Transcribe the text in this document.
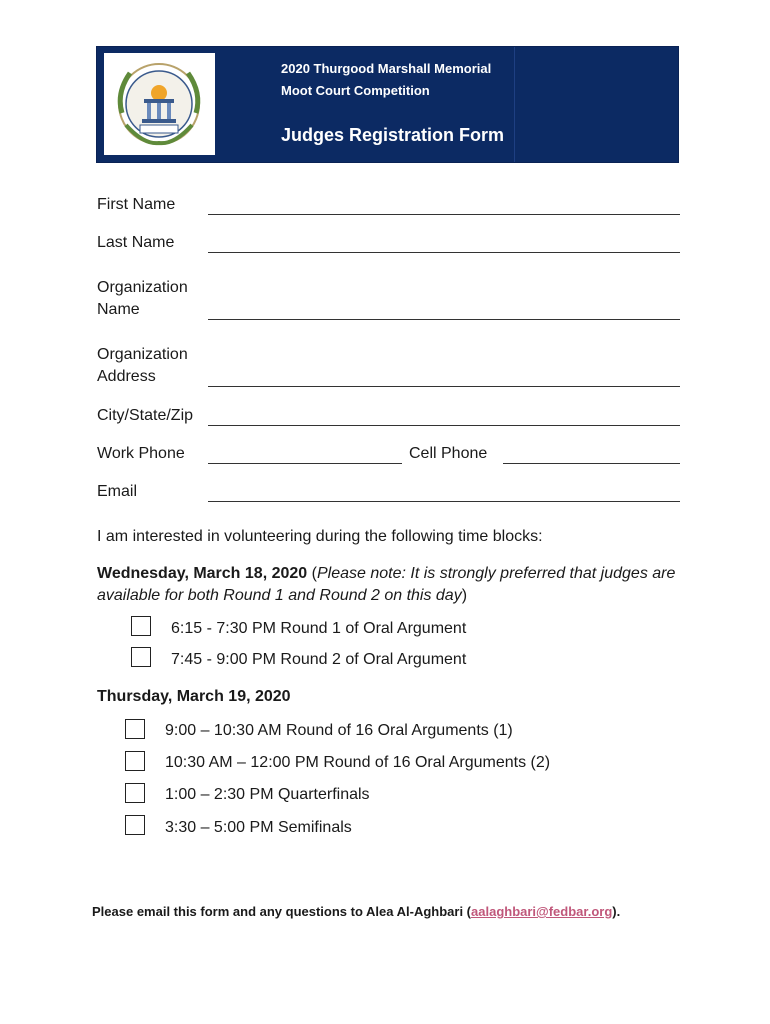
2020 Thurgood Marshall Memorial
Moot Court Competition
Judges Registration Form
First Name
Last Name
Organization
Name
Organization
Address
City/State/Zip
Work Phone	Cell Phone
Email
I am interested in volunteering during the following time blocks:
Wednesday, March 18, 2020 (Please note: It is strongly preferred that judges are available for both Round 1 and Round 2 on this day)
6:15 - 7:30 PM Round 1 of Oral Argument
7:45 - 9:00 PM Round 2 of Oral Argument
Thursday, March 19, 2020
9:00 – 10:30 AM Round of 16 Oral Arguments (1)
10:30 AM – 12:00 PM Round of 16 Oral Arguments (2)
1:00 – 2:30 PM Quarterfinals
3:30 – 5:00 PM Semifinals
Please email this form and any questions to Alea Al-Aghbari (aalaghbari@fedbar.org).
